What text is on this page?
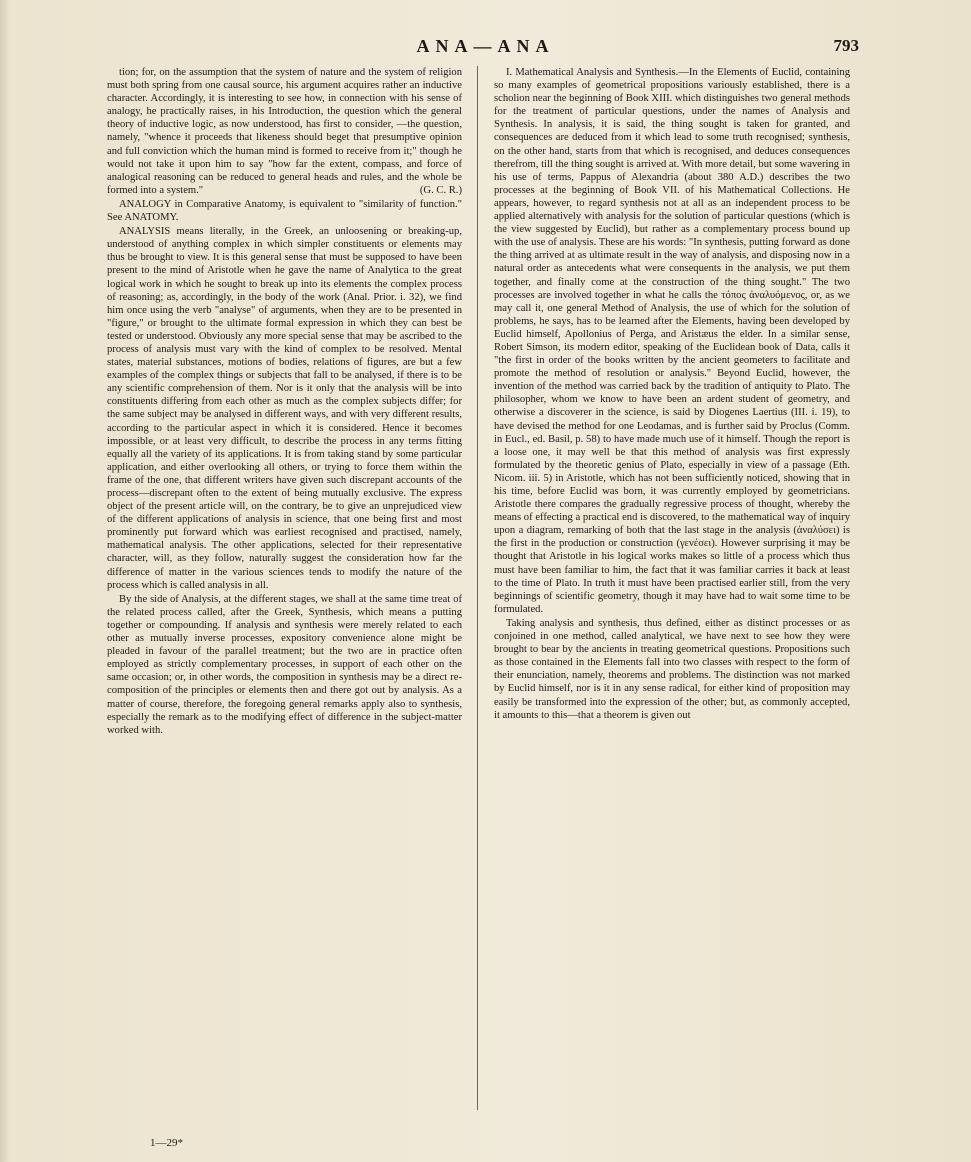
ANA—ANA	793

tion; for, on the assumption that the system of nature and the system of religion must both spring from one causal source, his argument acquires rather an inductive character. Accordingly, it is interesting to see how, in connection with his sense of analogy, he practically raises, in his Introduction, the question which the general theory of inductive logic, as now understood, has first to consider, —the question, namely, "whence it proceeds that likeness should beget that presumptive opinion and full conviction which the human mind is formed to receive from it;" though he would not take it upon him to say "how far the extent, compass, and force of analogical reasoning can be reduced to general heads and rules, and the whole be formed into a system."	(G. C. R.)

ANALOGY in Comparative Anatomy, is equivalent to "similarity of function." See ANATOMY.

ANALYSIS means literally, in the Greek, an unloosening or breaking-up, understood of anything complex in which simpler constituents or elements may thus be brought to view. It is this general sense that must be supposed to have been present to the mind of Aristotle when he gave the name of Analytica to the great logical work in which he sought to break up into its elements the complex process of reasoning; as, accordingly, in the body of the work (Anal. Prior. i. 32), we find him once using the verb "analyse" of arguments, when they are to be presented in "figure," or brought to the ultimate formal expression in which they can best be tested or understood. Obviously any more special sense that may be ascribed to the process of analysis must vary with the kind of complex to be resolved. Mental states, material substances, motions of bodies, relations of figures, are but a few examples of the complex things or subjects that fall to be analysed, if there is to be any scientific comprehension of them. Nor is it only that the analysis will be into constituents differing from each other as much as the complex subjects differ; for the same subject may be analysed in different ways, and with very different results, according to the particular aspect in which it is considered. Hence it becomes impossible, or at least very difficult, to describe the process in any terms fitting equally all the variety of its applications. It is from taking stand by some particular application, and either overlooking all others, or trying to force them within the frame of the one, that different writers have given such discrepant accounts of the process—discrepant often to the extent of being mutually exclusive. The express object of the present article will, on the contrary, be to give an unprejudiced view of the different applications of analysis in science, that one being first and most prominently put forward which was earliest recognised and practised, namely, mathematical analysis. The other applications, selected for their representative character, will, as they follow, naturally suggest the consideration how far the difference of matter in the various sciences tends to modify the nature of the process which is called analysis in all.

By the side of Analysis, at the different stages, we shall at the same time treat of the related process called, after the Greek, Synthesis, which means a putting together or compounding. If analysis and synthesis were merely related to each other as mutually inverse processes, expository convenience alone might be pleaded in favour of the parallel treatment; but the two are in practice often employed as strictly complementary processes, in support of each other on the same occasion; or, in other words, the composition in synthesis may be a direct re-composition of the principles or elements then and there got out by analysis. As a matter of course, therefore, the foregoing general remarks apply also to synthesis, especially the remark as to the modifying effect of difference in the subject-matter worked with.

I. Mathematical Analysis and Synthesis.—In the Elements of Euclid, containing so many examples of geometrical propositions variously established, there is a scholion near the beginning of Book XIII. which distinguishes two general methods for the treatment of particular questions, under the names of Analysis and Synthesis. In analysis, it is said, the thing sought is taken for granted, and consequences are deduced from it which lead to some truth recognised; synthesis, on the other hand, starts from that which is recognised, and deduces consequences therefrom, till the thing sought is arrived at. With more detail, but some wavering in his use of terms, Pappus of Alexandria (about 380 A.D.) describes the two processes at the beginning of Book VII. of his Mathematical Collections. He appears, however, to regard synthesis not at all as an independent process to be applied alternatively with analysis for the solution of particular questions (which is the view suggested by Euclid), but rather as a complementary process bound up with the use of analysis. These are his words: "In synthesis, putting forward as done the thing arrived at as ultimate result in the way of analysis, and disposing now in a natural order as antecedents what were consequents in the analysis, we put them together, and finally come at the construction of the thing sought." The two processes are involved together in what he calls the τόπος ἀναλυόμενος, or, as we may call it, one general Method of Analysis, the use of which for the solution of problems, he says, has to be learned after the Elements, having been developed by Euclid himself, Apollonius of Perga, and Aristæus the elder. In a similar sense, Robert Simson, its modern editor, speaking of the Euclidean book of Data, calls it "the first in order of the books written by the ancient geometers to facilitate and promote the method of resolution or analysis." Beyond Euclid, however, the invention of the method was carried back by the tradition of antiquity to Plato. The philosopher, whom we know to have been an ardent student of geometry, and otherwise a discoverer in the science, is said by Diogenes Laertius (III. i. 19), to have devised the method for one Leodamas, and is further said by Proclus (Comm. in Eucl., ed. Basil, p. 58) to have made much use of it himself. Though the report is a loose one, it may well be that this method of analysis was first expressly formulated by the theoretic genius of Plato, especially in view of a passage (Eth. Nicom. iii. 5) in Aristotle, which has not been sufficiently noticed, showing that in his time, before Euclid was born, it was currently employed by geometricians. Aristotle there compares the gradually regressive process of thought, whereby the means of effecting a practical end is discovered, to the mathematical way of inquiry upon a diagram, remarking of both that the last stage in the analysis (ἀναλύσει) is the first in the production or construction (γενέσει). However surprising it may be thought that Aristotle in his logical works makes so little of a process which thus must have been familiar to him, the fact that it was familiar carries it back at least to the time of Plato. In truth it must have been practised earlier still, from the very beginnings of scientific geometry, though it may have had to wait some time to be formulated.

Taking analysis and synthesis, thus defined, either as distinct processes or as conjoined in one method, called analytical, we have next to see how they were brought to bear by the ancients in treating geometrical questions. Propositions such as those contained in the Elements fall into two classes with respect to the form of their enunciation, namely, theorems and problems. The distinction was not marked by Euclid himself, nor is it in any sense radical, for either kind of proposition may easily be transformed into the expression of the other; but, as commonly accepted, it amounts to this—that a theorem is given out

1—29*
